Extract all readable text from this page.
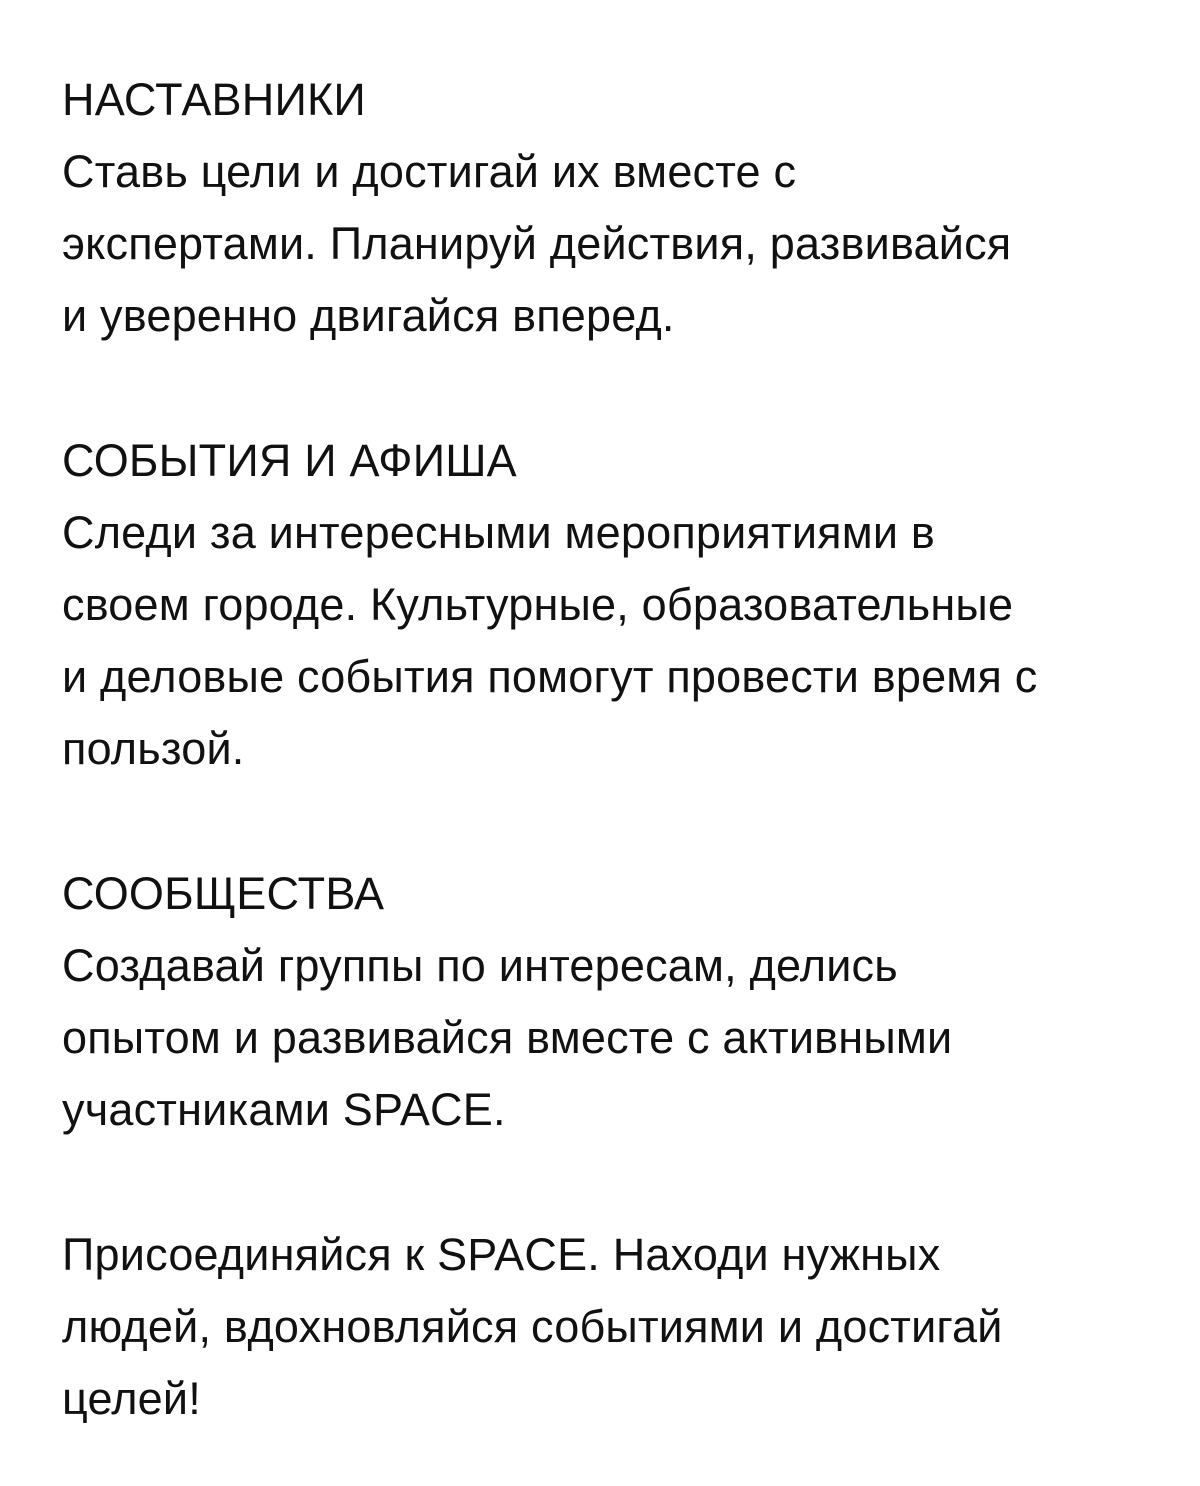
НАСТАВНИКИ
Ставь цели и достигай их вместе с
экспертами. Планируй действия, развивайся
и уверенно двигайся вперед.
СОБЫТИЯ И АФИША
Следи за интересными мероприятиями в
своем городе. Культурные, образовательные
и деловые события помогут провести время с
пользой.
СООБЩЕСТВА
Создавай группы по интересам, делись
опытом и развивайся вместе с активными
участниками SPACE.
Присоединяйся к SPACE. Находи нужных
людей, вдохновляйся событиями и достигай
целей!
